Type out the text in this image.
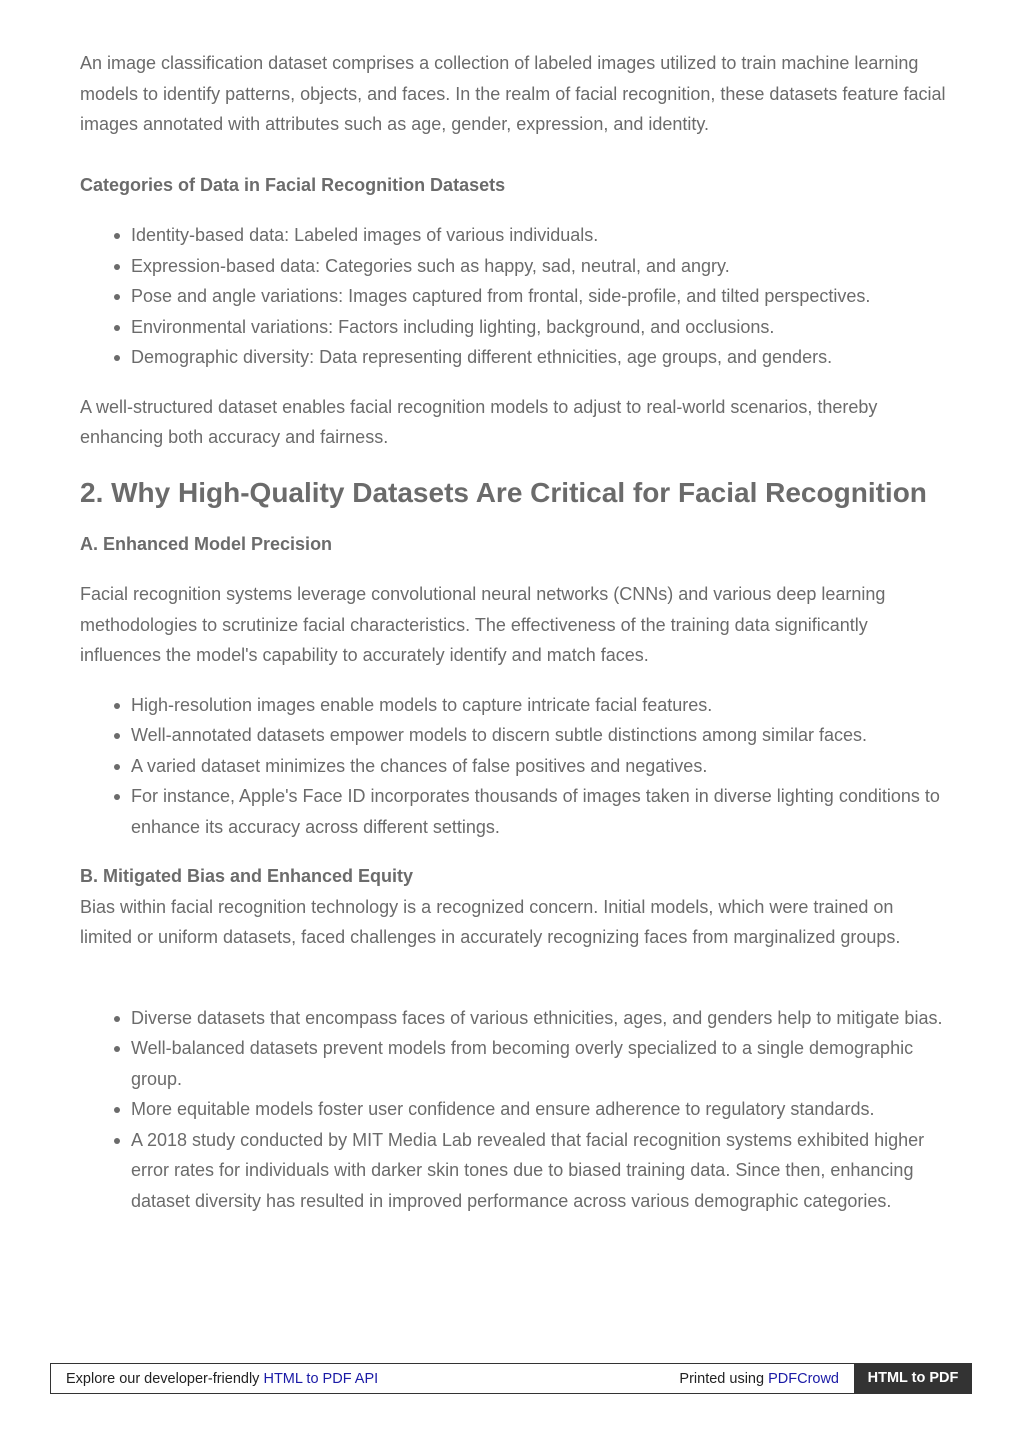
An image classification dataset comprises a collection of labeled images utilized to train machine learning models to identify patterns, objects, and faces. In the realm of facial recognition, these datasets feature facial images annotated with attributes such as age, gender, expression, and identity.

Categories of Data in Facial Recognition Datasets
Identity-based data: Labeled images of various individuals.
Expression-based data: Categories such as happy, sad, neutral, and angry.
Pose and angle variations: Images captured from frontal, side-profile, and tilted perspectives.
Environmental variations: Factors including lighting, background, and occlusions.
Demographic diversity: Data representing different ethnicities, age groups, and genders.

A well-structured dataset enables facial recognition models to adjust to real-world scenarios, thereby enhancing both accuracy and fairness.

2. Why High-Quality Datasets Are Critical for Facial Recognition
A. Enhanced Model Precision

Facial recognition systems leverage convolutional neural networks (CNNs) and various deep learning methodologies to scrutinize facial characteristics. The effectiveness of the training data significantly influences the model's capability to accurately identify and match faces.

High-resolution images enable models to capture intricate facial features.
Well-annotated datasets empower models to discern subtle distinctions among similar faces.
A varied dataset minimizes the chances of false positives and negatives.
For instance, Apple's Face ID incorporates thousands of images taken in diverse lighting conditions to enhance its accuracy across different settings.
B. Mitigated Bias and Enhanced Equity

Bias within facial recognition technology is a recognized concern. Initial models, which were trained on limited or uniform datasets, faced challenges in accurately recognizing faces from marginalized groups.

Diverse datasets that encompass faces of various ethnicities, ages, and genders help to mitigate bias.
Well-balanced datasets prevent models from becoming overly specialized to a single demographic group.
More equitable models foster user confidence and ensure adherence to regulatory standards.
A 2018 study conducted by MIT Media Lab revealed that facial recognition systems exhibited higher error rates for individuals with darker skin tones due to biased training data. Since then, enhancing dataset diversity has resulted in improved performance across various demographic categories.
Explore our developer-friendly HTML to PDF API	Printed using PDFCrowd	HTML to PDF
